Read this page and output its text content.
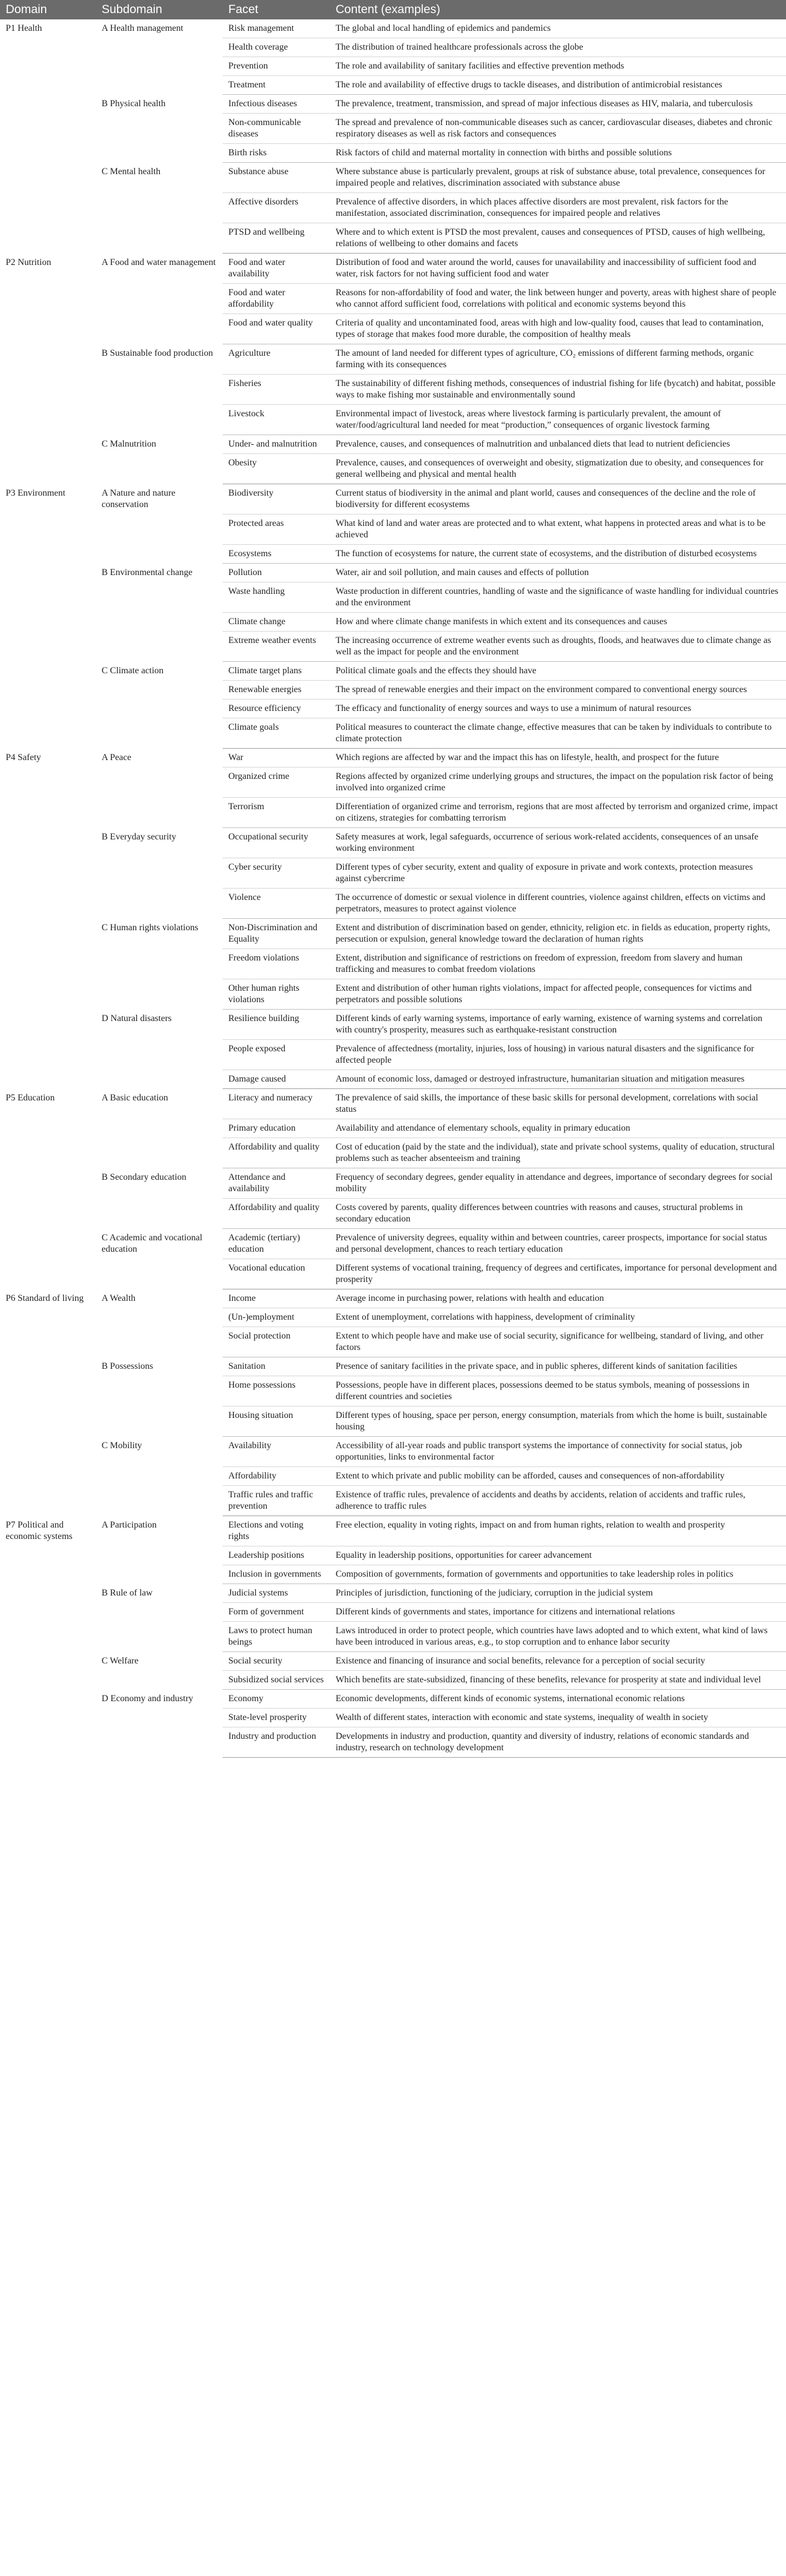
Domain	Subdomain	Facet	Content (examples)
P1 Health	A Health management	Risk management	The global and local handling of epidemics and pandemics
		Health coverage	The distribution of trained healthcare professionals across the globe
		Prevention	The role and availability of sanitary facilities and effective prevention methods
		Treatment	The role and availability of effective drugs to tackle diseases, and distribution of antimicrobial resistances
	B Physical health	Infectious diseases	The prevalence, treatment, transmission, and spread of major infectious diseases as HIV, malaria, and tuberculosis
		Non-communicable diseases	The spread and prevalence of non-communicable diseases such as cancer, cardiovascular diseases, diabetes and chronic respiratory diseases as well as risk factors and consequences
		Birth risks	Risk factors of child and maternal mortality in connection with births and possible solutions
	C Mental health	Substance abuse	Where substance abuse is particularly prevalent, groups at risk of substance abuse, total prevalence, consequences for impaired people and relatives, discrimination associated with substance abuse
		Affective disorders	Prevalence of affective disorders, in which places affective disorders are most prevalent, risk factors for the manifestation, associated discrimination, consequences for impaired people and relatives
		PTSD and wellbeing	Where and to which extent is PTSD the most prevalent, causes and consequences of PTSD, causes of high wellbeing, relations of wellbeing to other domains and facets
P2 Nutrition	A Food and water management	Food and water availability	Distribution of food and water around the world, causes for unavailability and inaccessibility of sufficient food and water, risk factors for not having sufficient food and water
		Food and water affordability	Reasons for non-affordability of food and water, the link between hunger and poverty, areas with highest share of people who cannot afford sufficient food, correlations with political and economic systems beyond this
		Food and water quality	Criteria of quality and uncontaminated food, areas with high and low-quality food, causes that lead to contamination, types of storage that makes food more durable, the composition of healthy meals
	B Sustainable food production	Agriculture	The amount of land needed for different types of agriculture, CO₂ emissions of different farming methods, organic farming with its consequences
		Fisheries	The sustainability of different fishing methods, consequences of industrial fishing for life (bycatch) and habitat, possible ways to make fishing mor sustainable and environmentally sound
		Livestock	Environmental impact of livestock, areas where livestock farming is particularly prevalent, the amount of water/food/agricultural land needed for meat “production,” consequences of organic livestock farming
	C Malnutrition	Under- and malnutrition	Prevalence, causes, and consequences of malnutrition and unbalanced diets that lead to nutrient deficiencies
		Obesity	Prevalence, causes, and consequences of overweight and obesity, stigmatization due to obesity, and consequences for general wellbeing and physical and mental health
P3 Environment	A Nature and nature conservation	Biodiversity	Current status of biodiversity in the animal and plant world, causes and consequences of the decline and the role of biodiversity for different ecosystems
		Protected areas	What kind of land and water areas are protected and to what extent, what happens in protected areas and what is to be achieved
		Ecosystems	The function of ecosystems for nature, the current state of ecosystems, and the distribution of disturbed ecosystems
	B Environmental change	Pollution	Water, air and soil pollution, and main causes and effects of pollution
		Waste handling	Waste production in different countries, handling of waste and the significance of waste handling for individual countries and the environment
		Climate change	How and where climate change manifests in which extent and its consequences and causes
		Extreme weather events	The increasing occurrence of extreme weather events such as droughts, floods, and heatwaves due to climate change as well as the impact for people and the environment
	C Climate action	Climate target plans	Political climate goals and the effects they should have
		Renewable energies	The spread of renewable energies and their impact on the environment compared to conventional energy sources
		Resource efficiency	The efficacy and functionality of energy sources and ways to use a minimum of natural resources
		Climate goals	Political measures to counteract the climate change, effective measures that can be taken by individuals to contribute to climate protection
P4 Safety	A Peace	War	Which regions are affected by war and the impact this has on lifestyle, health, and prospect for the future
		Organized crime	Regions affected by organized crime underlying groups and structures, the impact on the population risk factor of being involved into organized crime
		Terrorism	Differentiation of organized crime and terrorism, regions that are most affected by terrorism and organized crime, impact on citizens, strategies for combatting terrorism
	B Everyday security	Occupational security	Safety measures at work, legal safeguards, occurrence of serious work-related accidents, consequences of an unsafe working environment
		Cyber security	Different types of cyber security, extent and quality of exposure in private and work contexts, protection measures against cybercrime
		Violence	The occurrence of domestic or sexual violence in different countries, violence against children, effects on victims and perpetrators, measures to protect against violence
	C Human rights violations	Non-Discrimination and Equality	Extent and distribution of discrimination based on gender, ethnicity, religion etc. in fields as education, property rights, persecution or expulsion, general knowledge toward the declaration of human rights
		Freedom violations	Extent, distribution and significance of restrictions on freedom of expression, freedom from slavery and human trafficking and measures to combat freedom violations
		Other human rights violations	Extent and distribution of other human rights violations, impact for affected people, consequences for victims and perpetrators and possible solutions
	D Natural disasters	Resilience building	Different kinds of early warning systems, importance of early warning, existence of warning systems and correlation with country's prosperity, measures such as earthquake-resistant construction
		People exposed	Prevalence of affectedness (mortality, injuries, loss of housing) in various natural disasters and the significance for affected people
		Damage caused	Amount of economic loss, damaged or destroyed infrastructure, humanitarian situation and mitigation measures
P5 Education	A Basic education	Literacy and numeracy	The prevalence of said skills, the importance of these basic skills for personal development, correlations with social status
		Primary education	Availability and attendance of elementary schools, equality in primary education
		Affordability and quality	Cost of education (paid by the state and the individual), state and private school systems, quality of education, structural problems such as teacher absenteeism and training
	B Secondary education	Attendance and availability	Frequency of secondary degrees, gender equality in attendance and degrees, importance of secondary degrees for social mobility
		Affordability and quality	Costs covered by parents, quality differences between countries with reasons and causes, structural problems in secondary education
	C Academic and vocational education	Academic (tertiary) education	Prevalence of university degrees, equality within and between countries, career prospects, importance for social status and personal development, chances to reach tertiary education
		Vocational education	Different systems of vocational training, frequency of degrees and certificates, importance for personal development and prosperity
P6 Standard of living	A Wealth	Income	Average income in purchasing power, relations with health and education
		(Un-)employment	Extent of unemployment, correlations with happiness, development of criminality
		Social protection	Extent to which people have and make use of social security, significance for wellbeing, standard of living, and other factors
	B Possessions	Sanitation	Presence of sanitary facilities in the private space, and in public spheres, different kinds of sanitation facilities
		Home possessions	Possessions, people have in different places, possessions deemed to be status symbols, meaning of possessions in different countries and societies
		Housing situation	Different types of housing, space per person, energy consumption, materials from which the home is built, sustainable housing
	C Mobility	Availability	Accessibility of all-year roads and public transport systems the importance of connectivity for social status, job opportunities, links to environmental factor
		Affordability	Extent to which private and public mobility can be afforded, causes and consequences of non-affordability
		Traffic rules and traffic prevention	Existence of traffic rules, prevalence of accidents and deaths by accidents, relation of accidents and traffic rules, adherence to traffic rules
P7 Political and economic systems	A Participation	Elections and voting rights	Free election, equality in voting rights, impact on and from human rights, relation to wealth and prosperity
		Leadership positions	Equality in leadership positions, opportunities for career advancement
		Inclusion in governments	Composition of governments, formation of governments and opportunities to take leadership roles in politics
	B Rule of law	Judicial systems	Principles of jurisdiction, functioning of the judiciary, corruption in the judicial system
		Form of government	Different kinds of governments and states, importance for citizens and international relations
		Laws to protect human beings	Laws introduced in order to protect people, which countries have laws adopted and to which extent, what kind of laws have been introduced in various areas, e.g., to stop corruption and to enhance labor security
	C Welfare	Social security	Existence and financing of insurance and social benefits, relevance for a perception of social security
		Subsidized social services	Which benefits are state-subsidized, financing of these benefits, relevance for prosperity at state and individual level
	D Economy and industry	Economy	Economic developments, different kinds of economic systems, international economic relations
		State-level prosperity	Wealth of different states, interaction with economic and state systems, inequality of wealth in society
		Industry and production	Developments in industry and production, quantity and diversity of industry, relations of economic standards and industry, research on technology development
